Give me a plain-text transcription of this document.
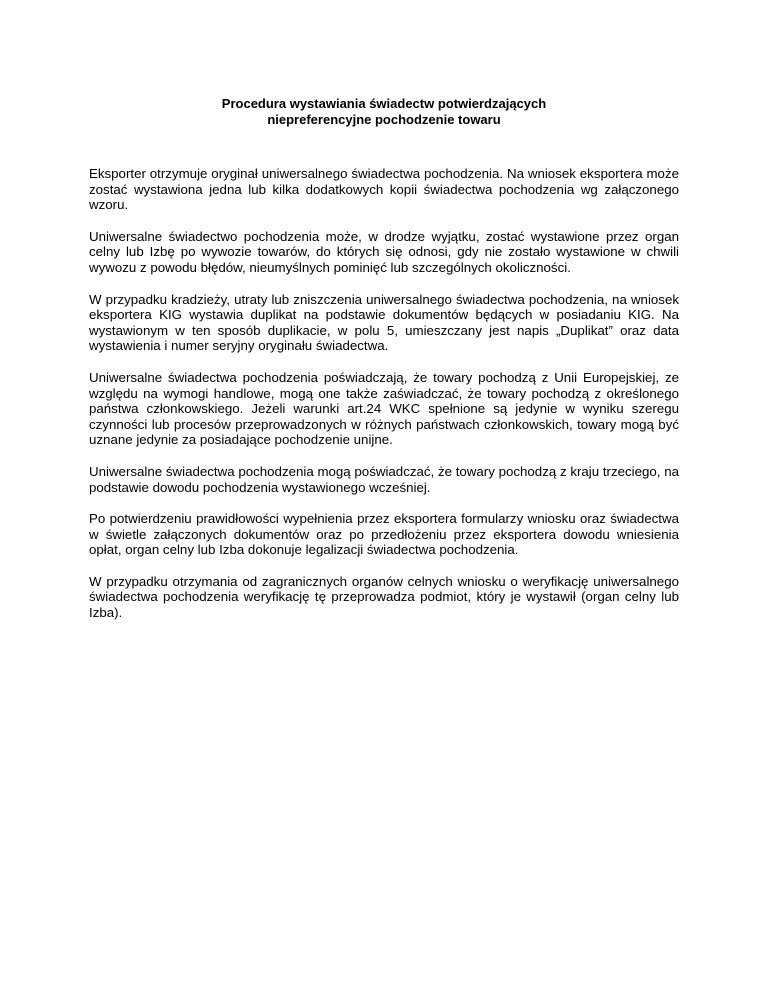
Procedura wystawiania świadectw potwierdzających
niepreferencyjne pochodzenie towaru

Eksporter otrzymuje oryginał uniwersalnego świadectwa pochodzenia. Na wniosek eksportera może zostać wystawiona jedna lub kilka dodatkowych kopii świadectwa pochodzenia wg załączonego wzoru.

Uniwersalne świadectwo pochodzenia może, w drodze wyjątku, zostać wystawione przez organ celny lub Izbę po wywozie towarów, do których się odnosi, gdy nie zostało wystawione w chwili wywozu z powodu błędów, nieumyślnych pominięć lub szczególnych okoliczności.

W przypadku kradzieży, utraty lub zniszczenia uniwersalnego świadectwa pochodzenia, na wniosek eksportera KIG wystawia duplikat na podstawie dokumentów będących w posiadaniu KIG. Na wystawionym w ten sposób duplikacie, w polu 5, umieszczany jest napis „Duplikat” oraz data wystawienia i numer seryjny oryginału świadectwa.

Uniwersalne świadectwa pochodzenia poświadczają, że towary pochodzą z Unii Europejskiej, ze względu na wymogi handlowe, mogą one także zaświadczać, że towary pochodzą z określonego państwa członkowskiego. Jeżeli warunki art.24 WKC spełnione są jedynie w wyniku szeregu czynności lub procesów przeprowadzonych w różnych państwach członkowskich, towary mogą być uznane jedynie za posiadające pochodzenie unijne.

Uniwersalne świadectwa pochodzenia mogą poświadczać, że towary pochodzą z kraju trzeciego, na podstawie dowodu pochodzenia wystawionego wcześniej.

Po potwierdzeniu prawidłowości wypełnienia przez eksportera formularzy wniosku oraz świadectwa w świetle załączonych dokumentów oraz po przedłożeniu przez eksportera dowodu wniesienia opłat, organ celny lub Izba dokonuje legalizacji świadectwa pochodzenia.

W przypadku otrzymania od zagranicznych organów celnych wniosku o weryfikację uniwersalnego świadectwa pochodzenia weryfikację tę przeprowadza podmiot, który je wystawił (organ celny lub Izba).
